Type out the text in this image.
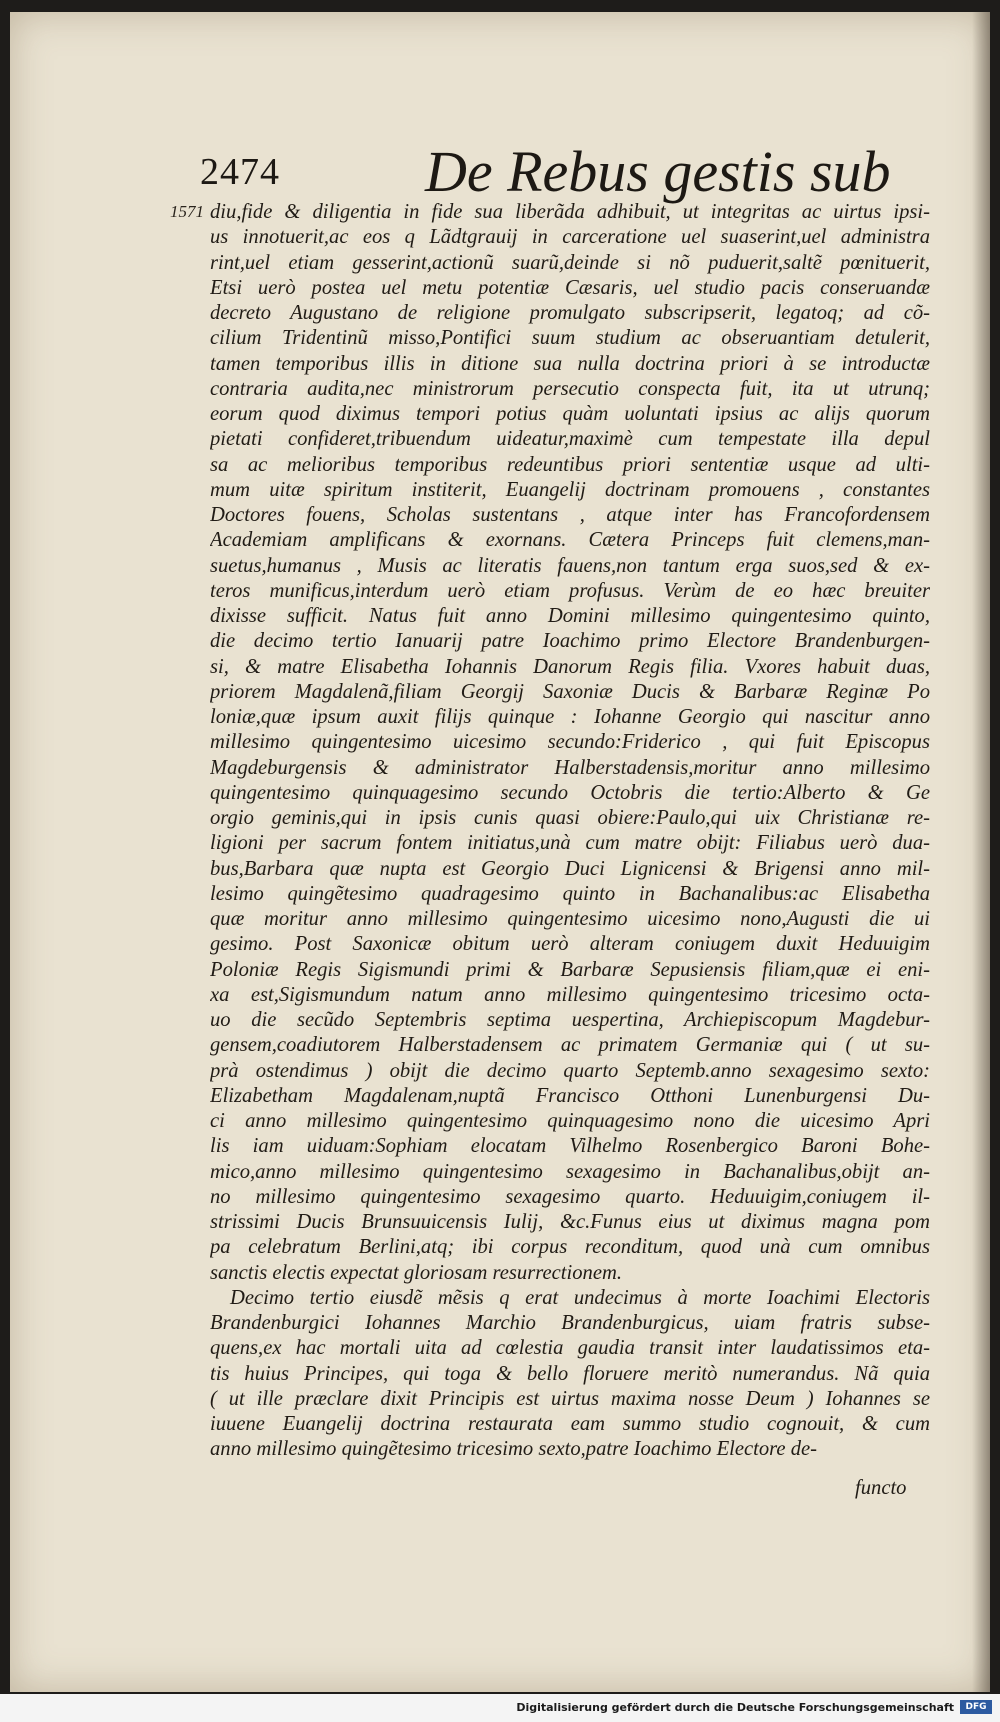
2474	De Rebus gestis sub
1571 diu,fide & diligentia in fide sua liberãda adhibuit, ut integritas ac uirtus ipsi-
us innotuerit,ac eos q Lãdtgrauij in carceratione uel suaserint,uel administra
rint,uel etiam gesserint,actionũ suarũ,deinde si nõ puduerit,saltẽ pœnituerit,
Etsi uerò postea uel metu potentiæ Cæsaris, uel studio pacis conseruandæ
decreto Augustano de religione promulgato subscripserit, legatoq; ad cõ-
cilium Tridentinũ misso,Pontifici suum studium ac obseruantiam detulerit,
tamen temporibus illis in ditione sua nulla doctrina priori à se introductæ
contraria audita,nec ministrorum persecutio conspecta fuit, ita ut utrunq;
eorum quod diximus tempori potius quàm uoluntati ipsius ac alijs quorum
pietati confideret,tribuendum uideatur,maximè cum tempestate illa depul
sa ac melioribus temporibus redeuntibus priori sententiæ usque ad ulti-
mum uitæ spiritum institerit, Euangelij doctrinam promouens , constantes
Doctores fouens, Scholas sustentans , atque inter has Francofordensem
Academiam amplificans & exornans. Cætera Princeps fuit clemens,man-
suetus,humanus , Musis ac literatis fauens,non tantum erga suos,sed & ex-
teros munificus,interdum uerò etiam profusus. Verùm de eo hæc breuiter
dixisse sufficit. Natus fuit anno Domini millesimo quingentesimo quinto,
die decimo tertio Ianuarij patre Ioachimo primo Electore Brandenburgen-
si, & matre Elisabetha Iohannis Danorum Regis filia. Vxores habuit duas,
priorem Magdalenã,filiam Georgij Saxoniæ Ducis & Barbaræ Reginæ Po
loniæ,quæ ipsum auxit filijs quinque : Iohanne Georgio qui nascitur anno
millesimo quingentesimo uicesimo secundo:Friderico , qui fuit Episcopus
Magdeburgensis & administrator Halberstadensis,moritur anno millesimo
quingentesimo quinquagesimo secundo Octobris die tertio:Alberto & Ge
orgio geminis,qui in ipsis cunis quasi obiere:Paulo,qui uix Christianæ re-
ligioni per sacrum fontem initiatus,unà cum matre obijt: Filiabus uerò dua-
bus,Barbara quæ nupta est Georgio Duci Lignicensi & Brigensi anno mil-
lesimo quingẽtesimo quadragesimo quinto in Bachanalibus:ac Elisabetha
quæ moritur anno millesimo quingentesimo uicesimo nono,Augusti die ui
gesimo. Post Saxonicæ obitum uerò alteram coniugem duxit Heduuigim
Poloniæ Regis Sigismundi primi & Barbaræ Sepusiensis filiam,quæ ei eni-
xa est,Sigismundum natum anno millesimo quingentesimo tricesimo octa-
uo die secũdo Septembris septima uespertina, Archiepiscopum Magdebur-
gensem,coadiutorem Halberstadensem ac primatem Germaniæ qui ( ut su-
prà ostendimus ) obijt die decimo quarto Septemb.anno sexagesimo sexto:
Elizabetham Magdalenam,nuptã Francisco Otthoni Lunenburgensi Du-
ci anno millesimo quingentesimo quinquagesimo nono die uicesimo Apri
lis iam uiduam:Sophiam elocatam Vilhelmo Rosenbergico Baroni Bohe-
mico,anno millesimo quingentesimo sexagesimo in Bachanalibus,obijt an-
no millesimo quingentesimo sexagesimo quarto. Heduuigim,coniugem il-
strissimi Ducis Brunsuuicensis Iulij, &c.Funus eius ut diximus magna pom
pa celebratum Berlini,atq; ibi corpus reconditum, quod unà cum omnibus
sanctis electis expectat gloriosam resurrectionem.
Decimo tertio eiusdẽ mẽsis q erat undecimus à morte Ioachimi Electoris
Brandenburgici Iohannes Marchio Brandenburgicus, uiam fratris subse-
quens,ex hac mortali uita ad cœlestia gaudia transit inter laudatissimos eta-
tis huius Principes, qui toga & bello floruere meritò numerandus. Nã quia
( ut ille præclare dixit Principis est uirtus maxima nosse Deum ) Iohannes se
iuuene Euangelij doctrina restaurata eam summo studio cognouit, & cum
anno millesimo quingẽtesimo tricesimo sexto,patre Ioachimo Electore de-
functo
Digitalisierung gefördert durch die Deutsche Forschungsgemeinschaft	DFG
